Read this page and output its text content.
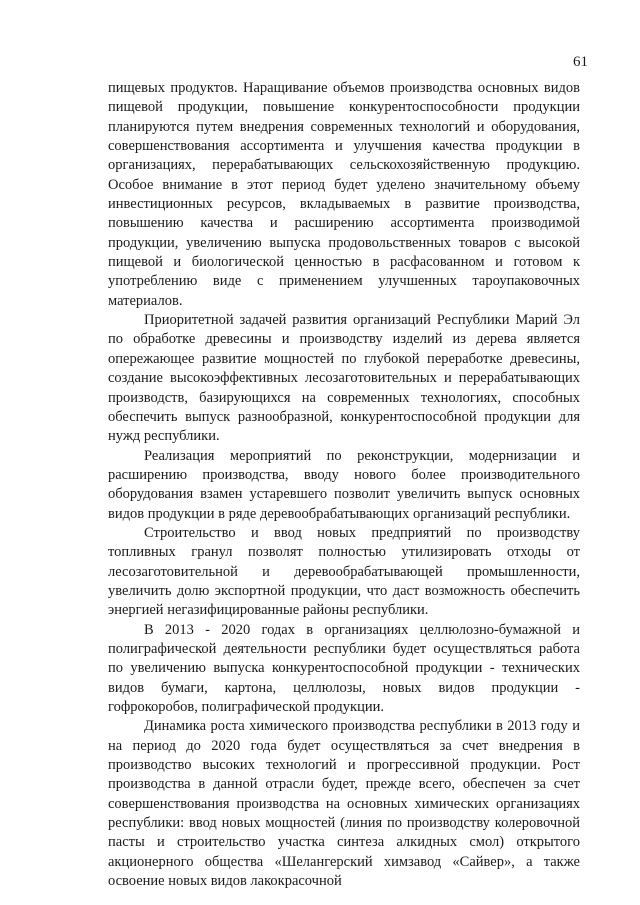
61

пищевых продуктов. Наращивание объемов производства основных видов пищевой продукции, повышение конкурентоспособности продукции планируются путем внедрения современных технологий и оборудования, совершенствования ассортимента и улучшения качества продукции в организациях, перерабатывающих сельскохозяйственную продукцию. Особое внимание в этот период будет уделено значительному объему инвестиционных ресурсов, вкладываемых в развитие производства, повышению качества и расширению ассортимента производимой продукции, увеличению выпуска продовольственных товаров с высокой пищевой и биологической ценностью в расфасованном и готовом к употреблению виде с применением улучшенных тароупаковочных материалов.

Приоритетной задачей развития организаций Республики Марий Эл по обработке древесины и производству изделий из дерева является опережающее развитие мощностей по глубокой переработке древесины, создание высокоэффективных лесозаготовительных и перерабатывающих производств, базирующихся на современных технологиях, способных обеспечить выпуск разнообразной, конкурентоспособной продукции для нужд республики.

Реализация мероприятий по реконструкции, модернизации и расширению производства, вводу нового более производительного оборудования взамен устаревшего позволит увеличить выпуск основных видов продукции в ряде деревообрабатывающих организаций республики.

Строительство и ввод новых предприятий по производству топливных гранул позволят полностью утилизировать отходы от лесозаготовительной и деревообрабатывающей промышленности, увеличить долю экспортной продукции, что даст возможность обеспечить энергией негазифицированные районы республики.

В 2013 - 2020 годах в организациях целлюлозно-бумажной и полиграфической деятельности республики будет осуществляться работа по увеличению выпуска конкурентоспособной продукции - технических видов бумаги, картона, целлюлозы, новых видов продукции - гофрокоробов, полиграфической продукции.

Динамика роста химического производства республики в 2013 году и на период до 2020 года будет осуществляться за счет внедрения в производство высоких технологий и прогрессивной продукции. Рост производства в данной отрасли будет, прежде всего, обеспечен за счет совершенствования производства на основных химических организациях республики: ввод новых мощностей (линия по производству колеровочной пасты и строительство участка синтеза алкидных смол) открытого акционерного общества «Шелангерский химзавод «Сайвер», а также освоение новых видов лакокрасочной
